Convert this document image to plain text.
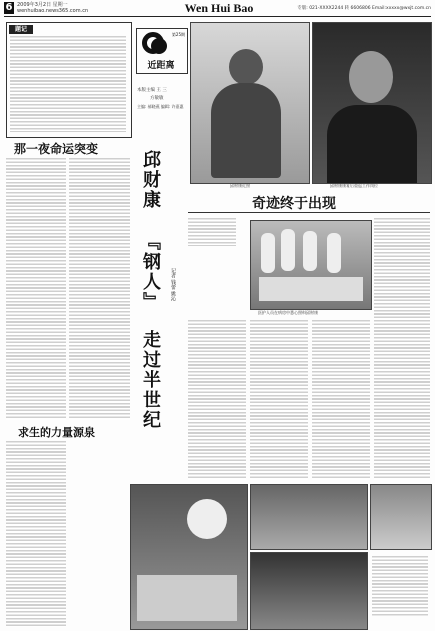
6 2009年3月2日 星期一
wenhuibao.news365.com.cn	Wen Hui Bao	专版: 021-XXXX2244 转 6606806 Email:xxxxx@wxjt.com.cn
题记
那一夜命运突变
求生的力量源泉
第25期
近距离
本版主编 王 三
方敏敏
主编: 郝晓燕 编辑: 许嘉惠
邱财康
『钢人』
走过半世纪
记者 钱蕾 姚沁
邱财康近照	邱财康康复后重返工作岗位
奇迹终于出现
医护人员在病房中悉心照料邱财康
